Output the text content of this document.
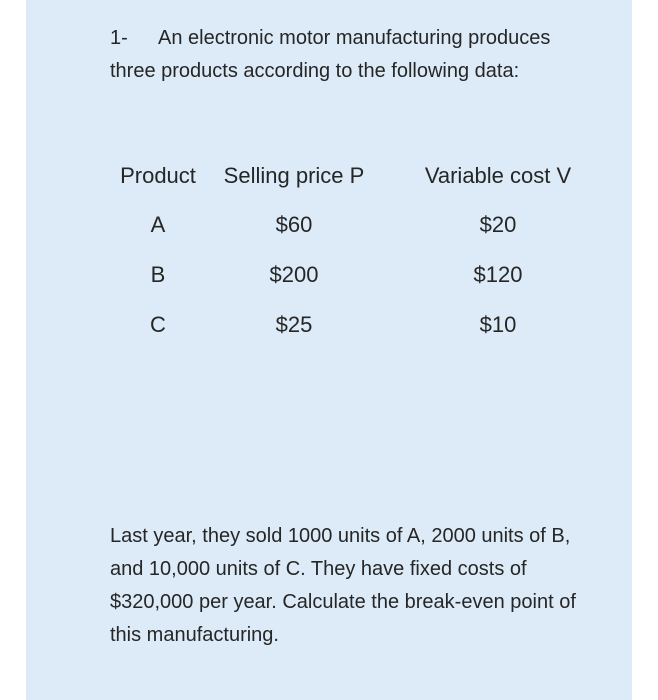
1- An electronic motor manufacturing produces
three products according to the following data:
Product	Selling price P	Variable cost V
A	$60	$20
B	$200	$120
C	$25	$10
Last year, they sold 1000 units of A, 2000 units of B,
and 10,000 units of C. They have fixed costs of
$320,000 per year. Calculate the break-even point of
this manufacturing.
